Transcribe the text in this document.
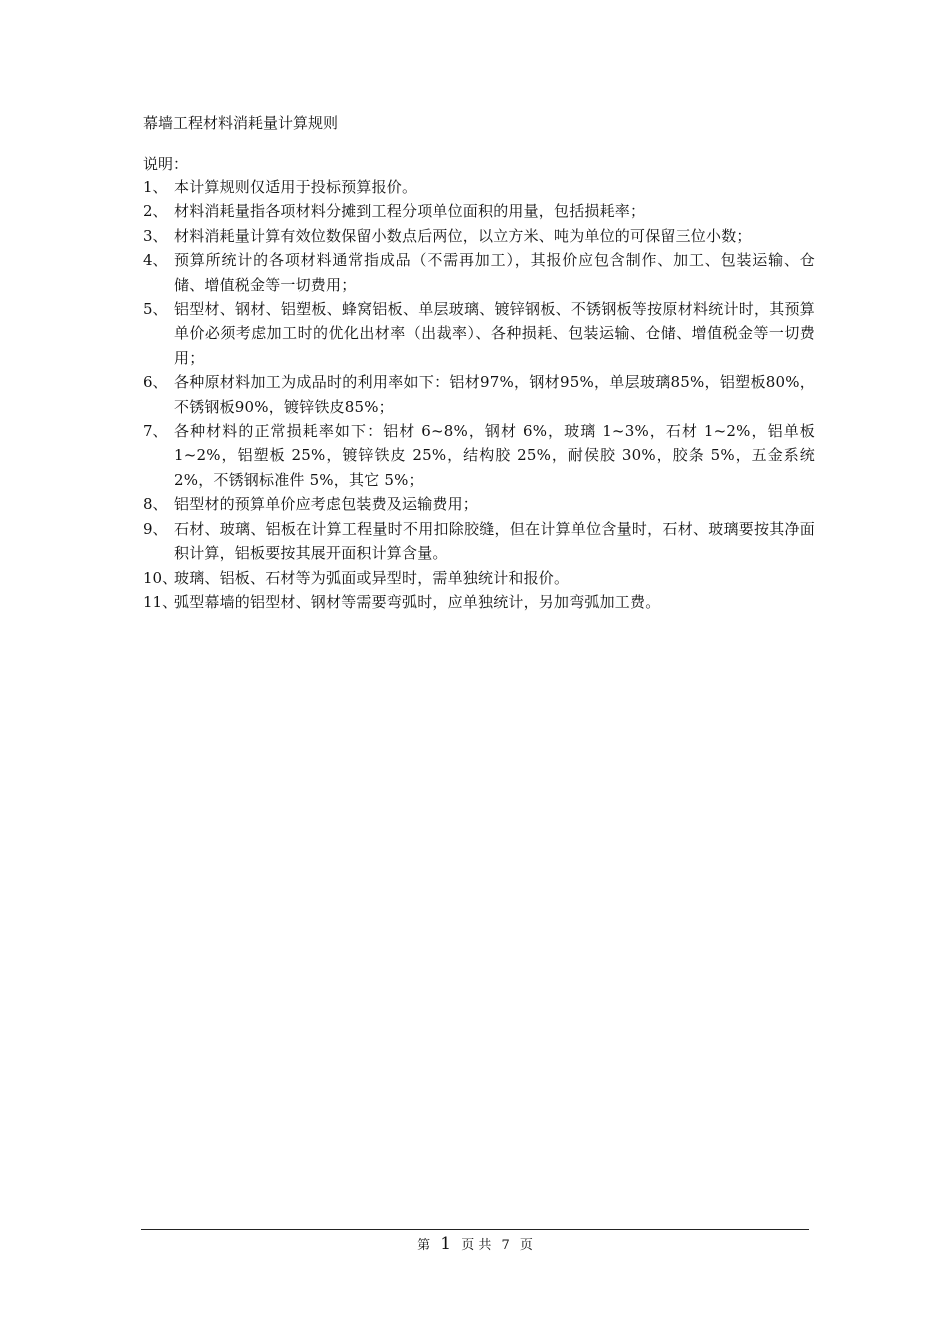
幕墙工程材料消耗量计算规则
说明：
1、 本计算规则仅适用于投标预算报价。
2、 材料消耗量指各项材料分摊到工程分项单位面积的用量，包括损耗率；
3、 材料消耗量计算有效位数保留小数点后两位，以立方米、吨为单位的可保留三位小数；
4、 预算所统计的各项材料通常指成品（不需再加工），其报价应包含制作、加工、包装运输、仓储、增值税金等一切费用；
5、 铝型材、钢材、铝塑板、蜂窝铝板、单层玻璃、镀锌钢板、不锈钢板等按原材料统计时，其预算单价必须考虑加工时的优化出材率（出裁率）、各种损耗、包装运输、仓储、增值税金等一切费用；
6、 各种原材料加工为成品时的利用率如下：铝材97%，钢材95%，单层玻璃85%，铝塑板80%，不锈钢板90%，镀锌铁皮85%；
7、 各种材料的正常损耗率如下：铝材 6~8%，钢材 6%，玻璃 1~3%，石材 1~2%，铝单板 1~2%，铝塑板 25%，镀锌铁皮 25%，结构胶 25%，耐侯胶 30%，胶条 5%，五金系统 2%，不锈钢标准件 5%，其它 5%；
8、 铝型材的预算单价应考虑包装费及运输费用；
9、 石材、玻璃、铝板在计算工程量时不用扣除胶缝，但在计算单位含量时，石材、玻璃要按其净面积计算，铝板要按其展开面积计算含量。
10、
玻璃、铝板、石材等为弧面或异型时，需单独统计和报价。
11、
弧型幕墙的铝型材、钢材等需要弯弧时，应单独统计，另加弯弧加工费。
第 1 页 共 7 页
